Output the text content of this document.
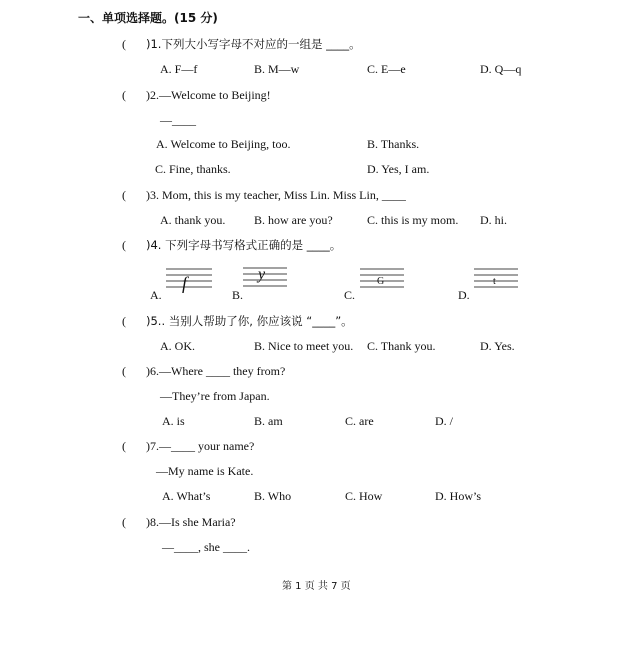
一、单项选择题。(15 分)
( )1.下列大小写字母不对应的一组是 ____。
A. F—f	B. M—w	C. E—e	D. Q—q
( )2.—Welcome to Beijing!
—____
A. Welcome to Beijing, too.	B. Thanks.
C. Fine, thanks.	D. Yes, I am.
( )3. Mom, this is my teacher, Miss Lin. Miss Lin, ____
A. thank you. B. how are you?	C. this is my mom. D. hi.
( )4. 下列字母书写格式正确的是 ____。
A.
f
B.
y
C.
G
D.
t
( )5.. 当别人帮助了你, 你应该说 “____”。
A. OK.	B. Nice to meet you. C. Thank you.	D. Yes.
( )6.—Where ____ they from?
—They’re from Japan.
A. is	B. am	C. are	D. /
( )7.—____ your name?
—My name is Kate.
A. What’s	B. Who	C. How	D. How’s
( )8.—Is she Maria?
—____, she ____.
第 1 页 共 7 页
